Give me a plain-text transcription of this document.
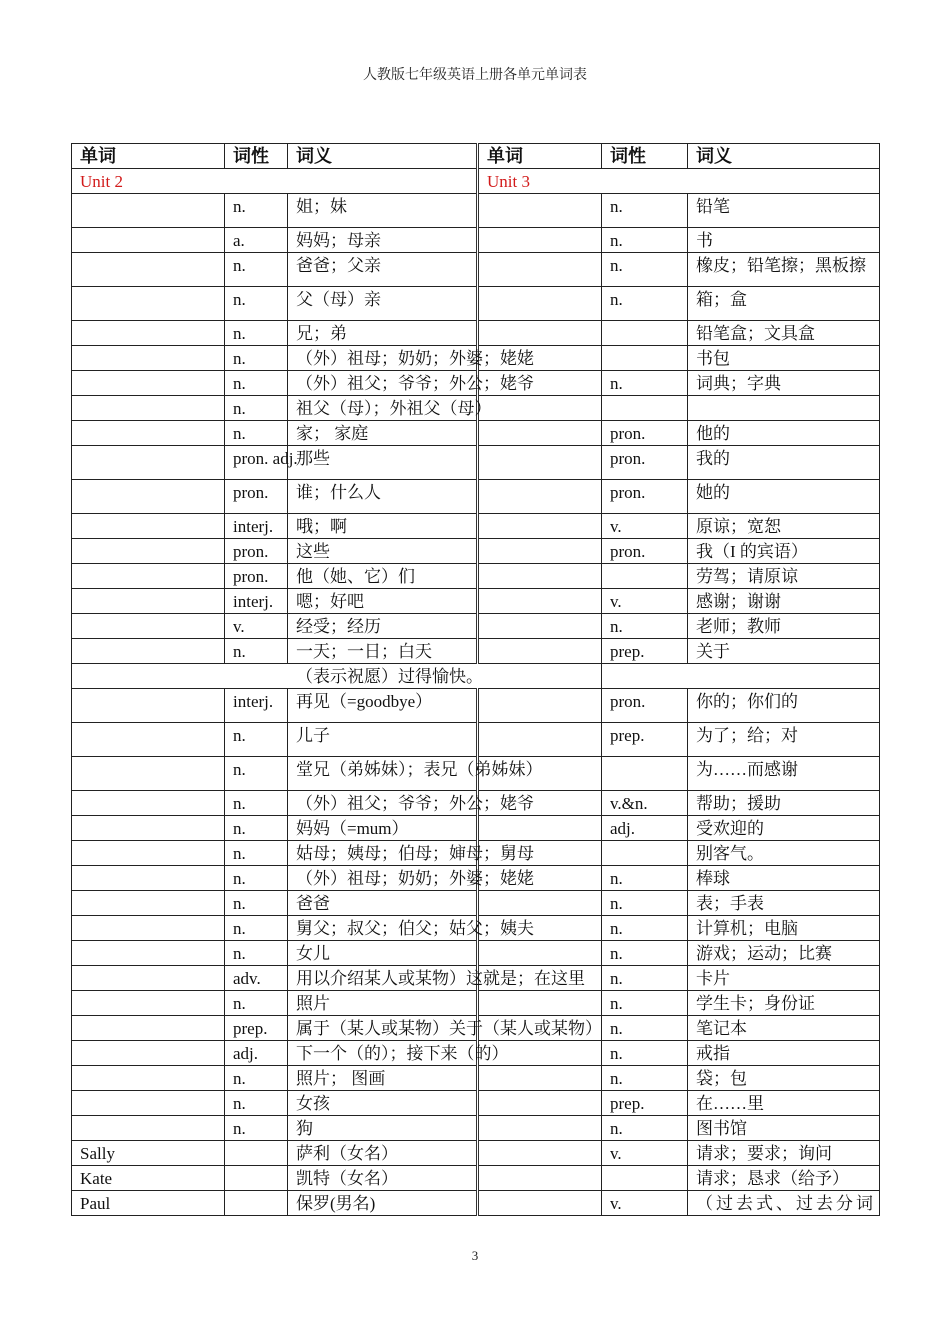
人教版七年级英语上册各单元单词表
单词	词性	词义	单词	词性	词义
Unit 2			Unit 3		
	n.	姐；妹		n.	铅笔
	a.	妈妈；母亲		n.	书
	n.	爸爸；父亲		n.	橡皮；铅笔擦；黑板擦
	n.	父（母）亲		n.	箱；盒
	n.	兄；弟			铅笔盒；文具盒
	n.	（外）祖母；奶奶；外婆；姥姥			书包
	n.	（外）祖父；爷爷；外公；姥爷		n.	词典；字典
	n.	祖父（母）；外祖父（母）			
	n.	家； 家庭		pron.	他的
	pron. adj.	那些		pron.	我的
	pron.	谁；什么人		pron.	她的
	interj.	哦；啊		v.	原谅；宽恕
	pron.	这些		pron.	我（I 的宾语）
	pron.	他（她、它）们			劳驾；请原谅
	interj.	嗯；好吧		v.	感谢；谢谢
	v.	经受；经历		n.	老师；教师
	n.	一天；一日；白天		prep.	关于
（表示祝愿）过得愉快。					
	interj.	再见（=goodbye）		pron.	你的；你们的
	n.	儿子		prep.	为了；给；对
	n.	堂兄（弟姊妹）；表兄（弟姊妹）			为……而感谢
	n.	（外）祖父；爷爷；外公；姥爷		v.&n.	帮助；援助
	n.	妈妈（=mum）		adj.	受欢迎的
	n.	姑母；姨母；伯母；婶母；舅母			别客气。
	n.	（外）祖母；奶奶；外婆；姥姥		n.	棒球
	n.	爸爸		n.	表；手表
	n.	舅父；叔父；伯父；姑父；姨夫		n.	计算机；电脑
	n.	女儿		n.	游戏；运动；比赛
	adv.	用以介绍某人或某物）这就是；在这里		n.	卡片
	n.	照片		n.	学生卡；身份证
	prep.	属于（某人或某物）关于（某人或某物）		n.	笔记本
	adj.	下一个（的）；接下来（的）		n.	戒指
	n.	照片； 图画		n.	袋；包
	n.	女孩		prep.	在……里
	n.	狗		n.	图书馆
Sally		萨利（女名）		v.	请求；要求；询问
Kate		凯特（女名）			请求；恳求（给予）
Paul		保罗(男名)		v.	（过去式、过去分词
3
